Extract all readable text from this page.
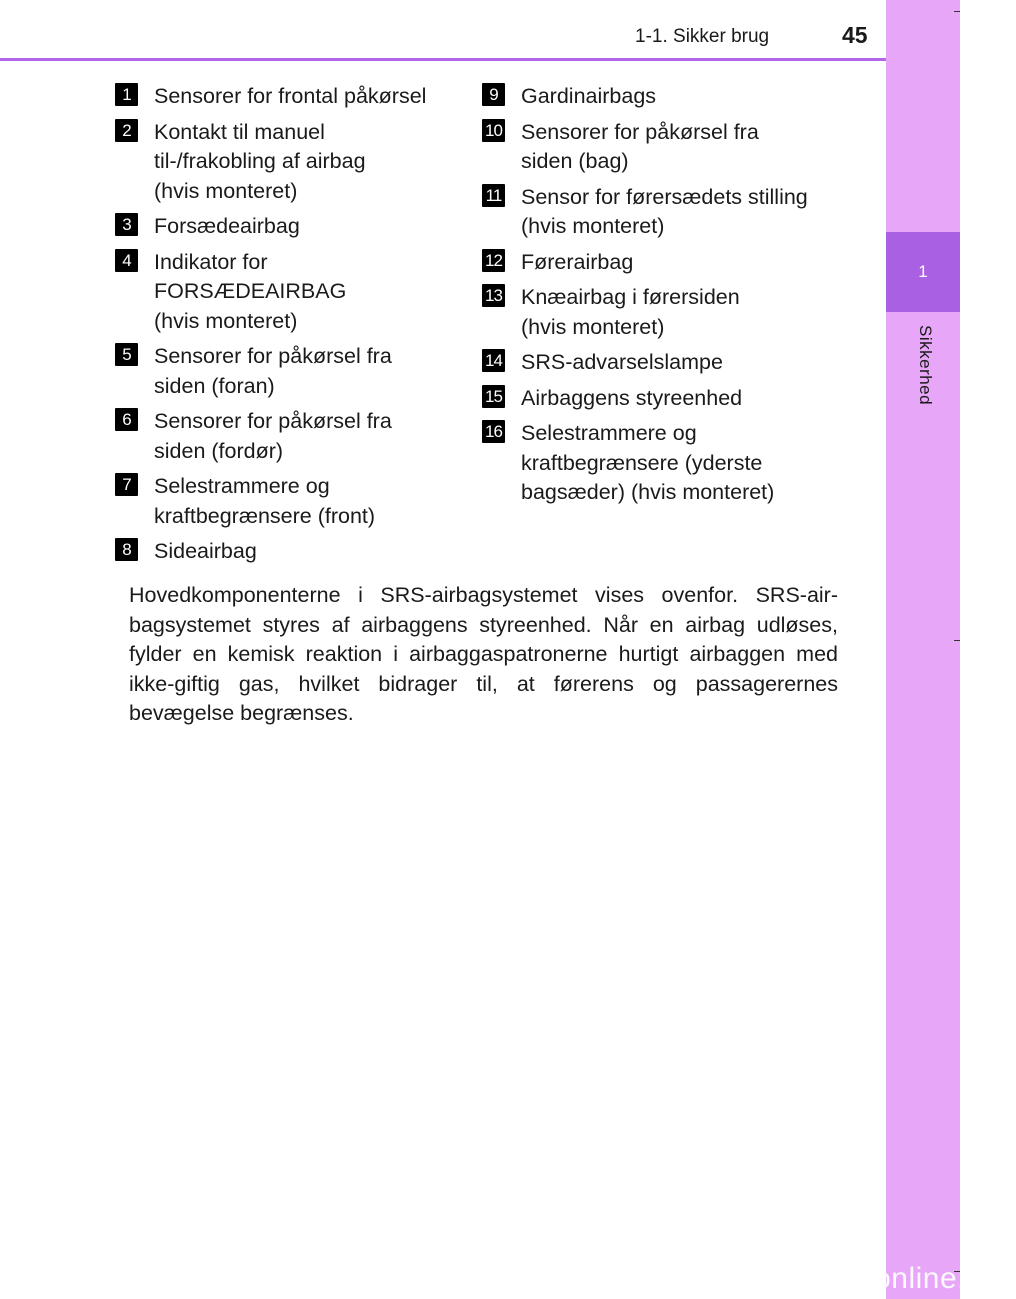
1
Sikkerhed
1-1. Sikker brug	45
1	Sensorer for frontal påkørsel
2	Kontakt til manuel
til-/frakobling af airbag
(hvis monteret)
3	Forsædeairbag
4	Indikator for
FORSÆDEAIRBAG
(hvis monteret)
5	Sensorer for påkørsel fra
siden (foran)
6	Sensorer for påkørsel fra
siden (fordør)
7	Selestrammere og
kraftbegrænsere (front)
8	Sideairbag
9	Gardinairbags
10 Sensorer for påkørsel fra
siden (bag)
11 Sensor for førersædets stilling
(hvis monteret)
12 Førerairbag
13 Knæairbag i førersiden
(hvis monteret)
14 SRS-advarselslampe
15 Airbaggens styreenhed
16 Selestrammere og
kraftbegrænsere (yderste
bagsæder) (hvis monteret)
Hovedkomponenterne i SRS-airbagsystemet vises ovenfor. SRS-air-bagsystemet styres af airbaggens styreenhed. Når en airbag udløses, fylder en kemisk reaktion i airbaggaspatronerne hurtigt airbaggen med ikke-giftig gas, hvilket bidrager til, at førerens og passagerernes bevægelse begrænses.
carmanualsonline.info
